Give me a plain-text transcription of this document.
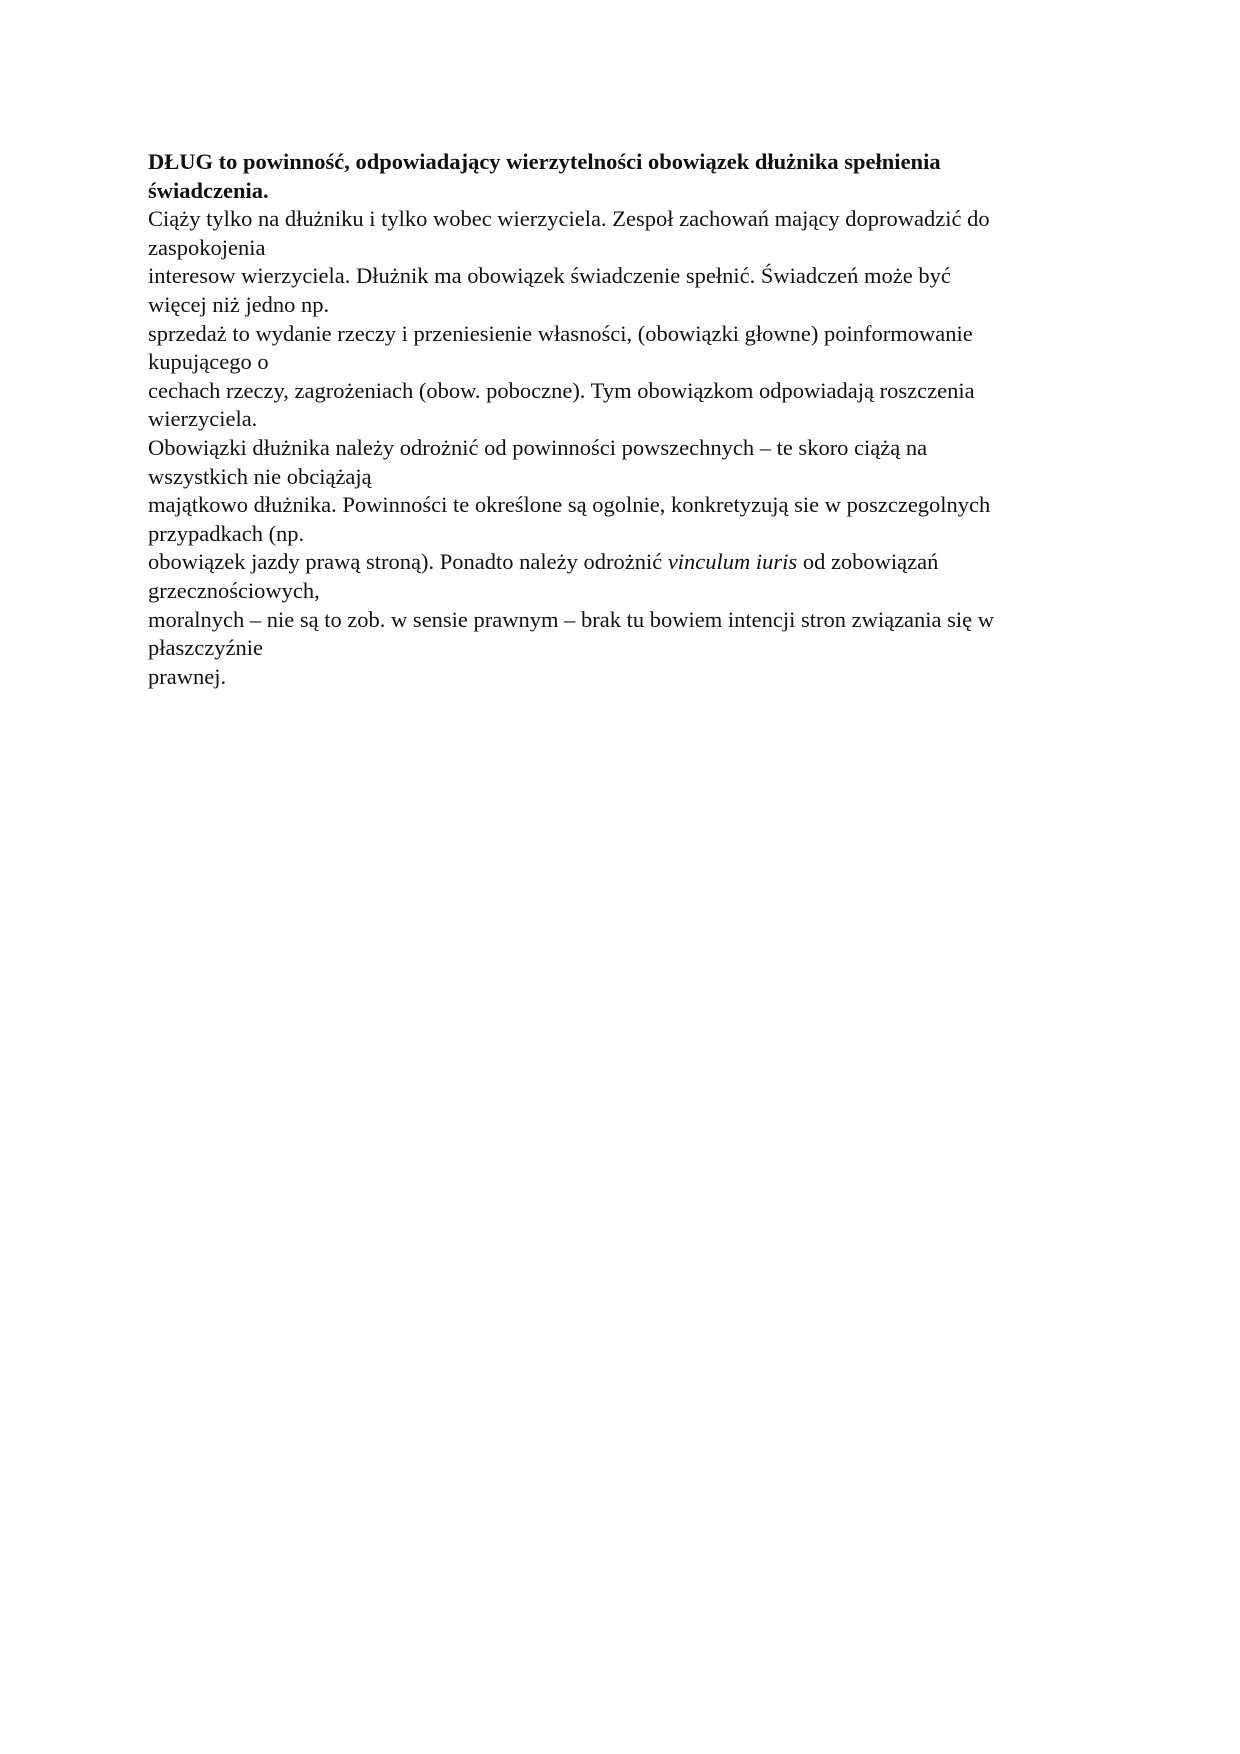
DŁUG to powinność, odpowiadający wierzytelności obowiązek dłużnika spełnienia
świadczenia.
Ciąży tylko na dłużniku i tylko wobec wierzyciela. Zespoł zachowań mający doprowadzić do
zaspokojenia
interesow wierzyciela. Dłużnik ma obowiązek świadczenie spełnić. Świadczeń może być
więcej niż jedno np.
sprzedaż to wydanie rzeczy i przeniesienie własności, (obowiązki głowne) poinformowanie
kupującego o
cechach rzeczy, zagrożeniach (obow. poboczne). Tym obowiązkom odpowiadają roszczenia
wierzyciela.
Obowiązki dłużnika należy odrożnić od powinności powszechnych – te skoro ciążą na
wszystkich nie obciążają
majątkowo dłużnika. Powinności te określone są ogolnie, konkretyzują sie w poszczegolnych
przypadkach (np.
obowiązek jazdy prawą stroną). Ponadto należy odrożnić vinculum iuris od zobowiązań
grzecznościowych,
moralnych – nie są to zob. w sensie prawnym – brak tu bowiem intencji stron związania się w
płaszczyźnie
prawnej.
